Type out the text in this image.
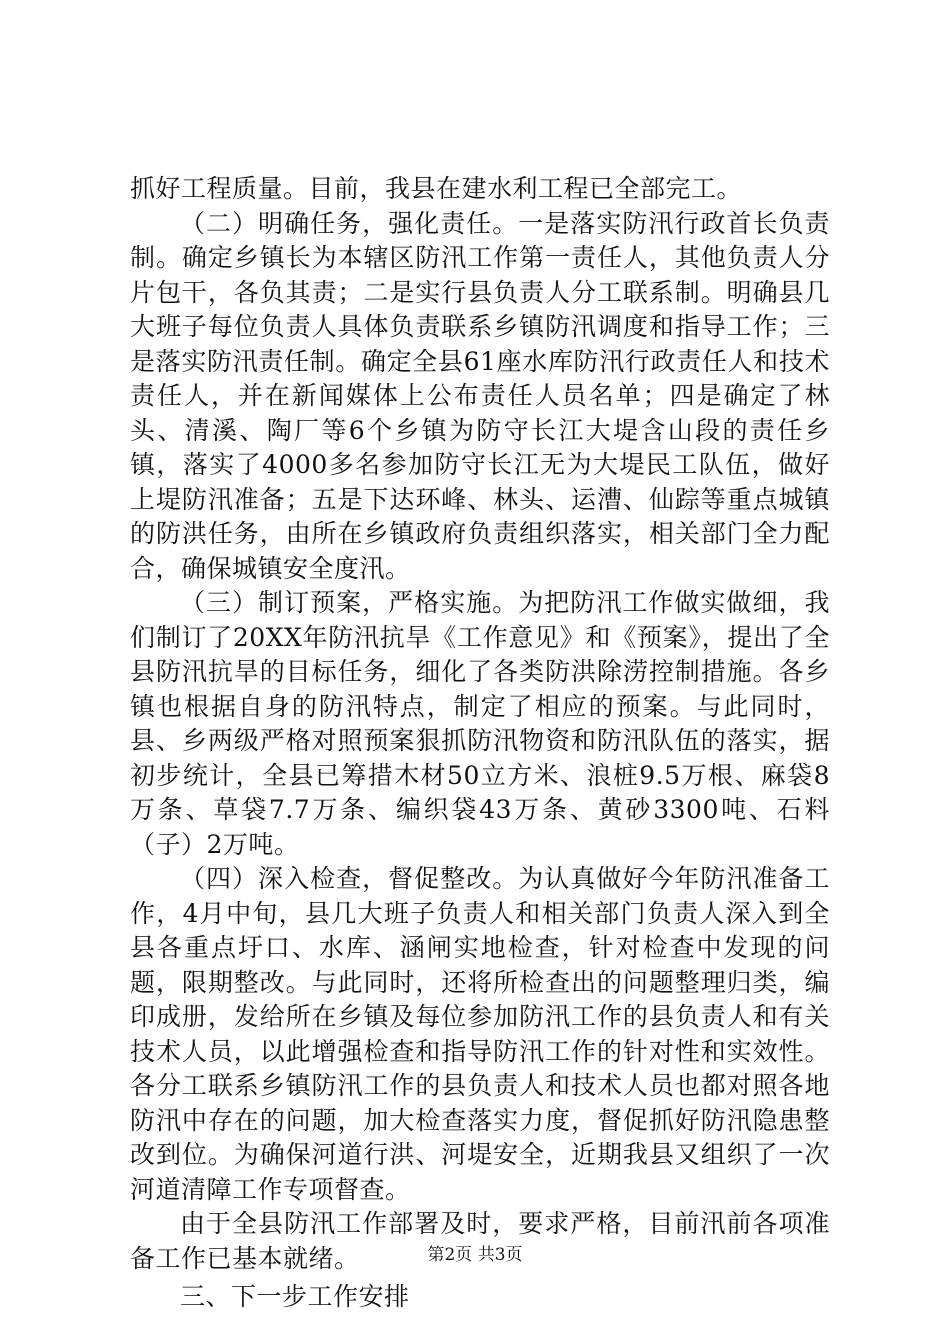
抓好工程质量。目前，我县在建水利工程已全部完工。

（二）明确任务，强化责任。一是落实防汛行政首长负责制。确定乡镇长为本辖区防汛工作第一责任人，其他负责人分片包干，各负其责；二是实行县负责人分工联系制。明确县几大班子每位负责人具体负责联系乡镇防汛调度和指导工作；三是落实防汛责任制。确定全县61座水库防汛行政责任人和技术责任人，并在新闻媒体上公布责任人员名单；四是确定了林头、清溪、陶厂等6个乡镇为防守长江大堤含山段的责任乡镇，落实了4000多名参加防守长江无为大堤民工队伍，做好上堤防汛准备；五是下达环峰、林头、运漕、仙踪等重点城镇的防洪任务，由所在乡镇政府负责组织落实，相关部门全力配合，确保城镇安全度汛。

（三）制订预案，严格实施。为把防汛工作做实做细，我们制订了20XX年防汛抗旱《工作意见》和《预案》，提出了全县防汛抗旱的目标任务，细化了各类防洪除涝控制措施。各乡镇也根据自身的防汛特点，制定了相应的预案。与此同时，县、乡两级严格对照预案狠抓防汛物资和防汛队伍的落实，据初步统计，全县已筹措木材50立方米、浪桩9.5万根、麻袋8万条、草袋7.7万条、编织袋43万条、黄砂3300吨、石料（子）2万吨。

（四）深入检查，督促整改。为认真做好今年防汛准备工作，4月中旬，县几大班子负责人和相关部门负责人深入到全县各重点圩口、水库、涵闸实地检查，针对检查中发现的问题，限期整改。与此同时，还将所检查出的问题整理归类，编印成册，发给所在乡镇及每位参加防汛工作的县负责人和有关技术人员，以此增强检查和指导防汛工作的针对性和实效性。各分工联系乡镇防汛工作的县负责人和技术人员也都对照各地防汛中存在的问题，加大检查落实力度，督促抓好防汛隐患整改到位。为确保河道行洪、河堤安全，近期我县又组织了一次河道清障工作专项督查。

由于全县防汛工作部署及时，要求严格，目前汛前各项准备工作已基本就绪。

三、下一步工作安排

第2页 共3页
